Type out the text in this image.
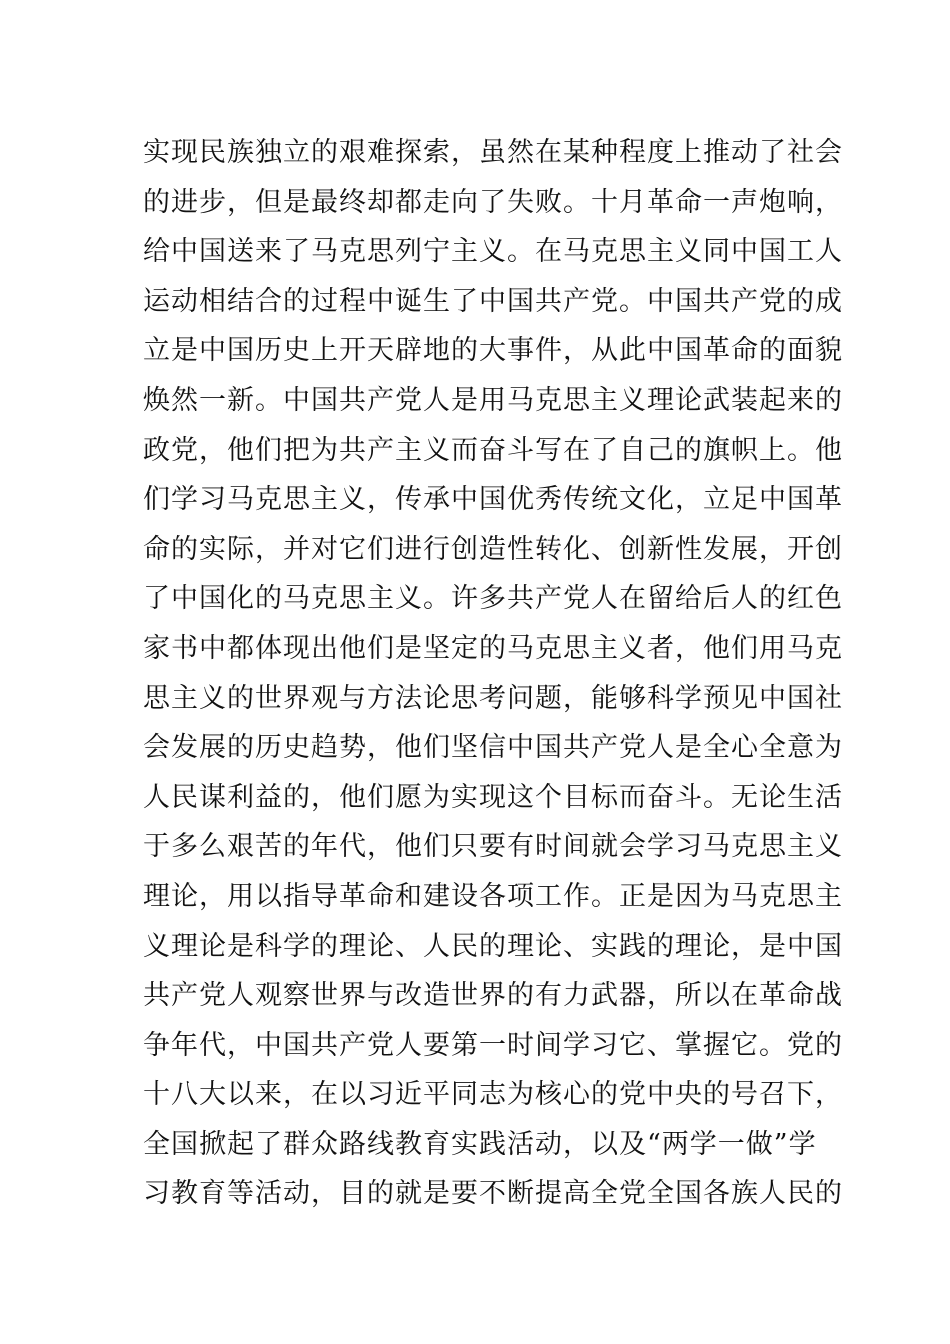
实现民族独立的艰难探索，虽然在某种程度上推动了社会
的进步，但是最终却都走向了失败。十月革命一声炮响，
给中国送来了马克思列宁主义。在马克思主义同中国工人
运动相结合的过程中诞生了中国共产党。中国共产党的成
立是中国历史上开天辟地的大事件，从此中国革命的面貌
焕然一新。中国共产党人是用马克思主义理论武装起来的
政党，他们把为共产主义而奋斗写在了自己的旗帜上。他
们学习马克思主义，传承中国优秀传统文化，立足中国革
命的实际，并对它们进行创造性转化、创新性发展，开创
了中国化的马克思主义。许多共产党人在留给后人的红色
家书中都体现出他们是坚定的马克思主义者，他们用马克
思主义的世界观与方法论思考问题，能够科学预见中国社
会发展的历史趋势，他们坚信中国共产党人是全心全意为
人民谋利益的，他们愿为实现这个目标而奋斗。无论生活
于多么艰苦的年代，他们只要有时间就会学习马克思主义
理论，用以指导革命和建设各项工作。正是因为马克思主
义理论是科学的理论、人民的理论、实践的理论，是中国
共产党人观察世界与改造世界的有力武器，所以在革命战
争年代，中国共产党人要第一时间学习它、掌握它。党的
十八大以来，在以习近平同志为核心的党中央的号召下，
全国掀起了群众路线教育实践活动，以及“两学一做”学
习教育等活动，目的就是要不断提高全党全国各族人民的
